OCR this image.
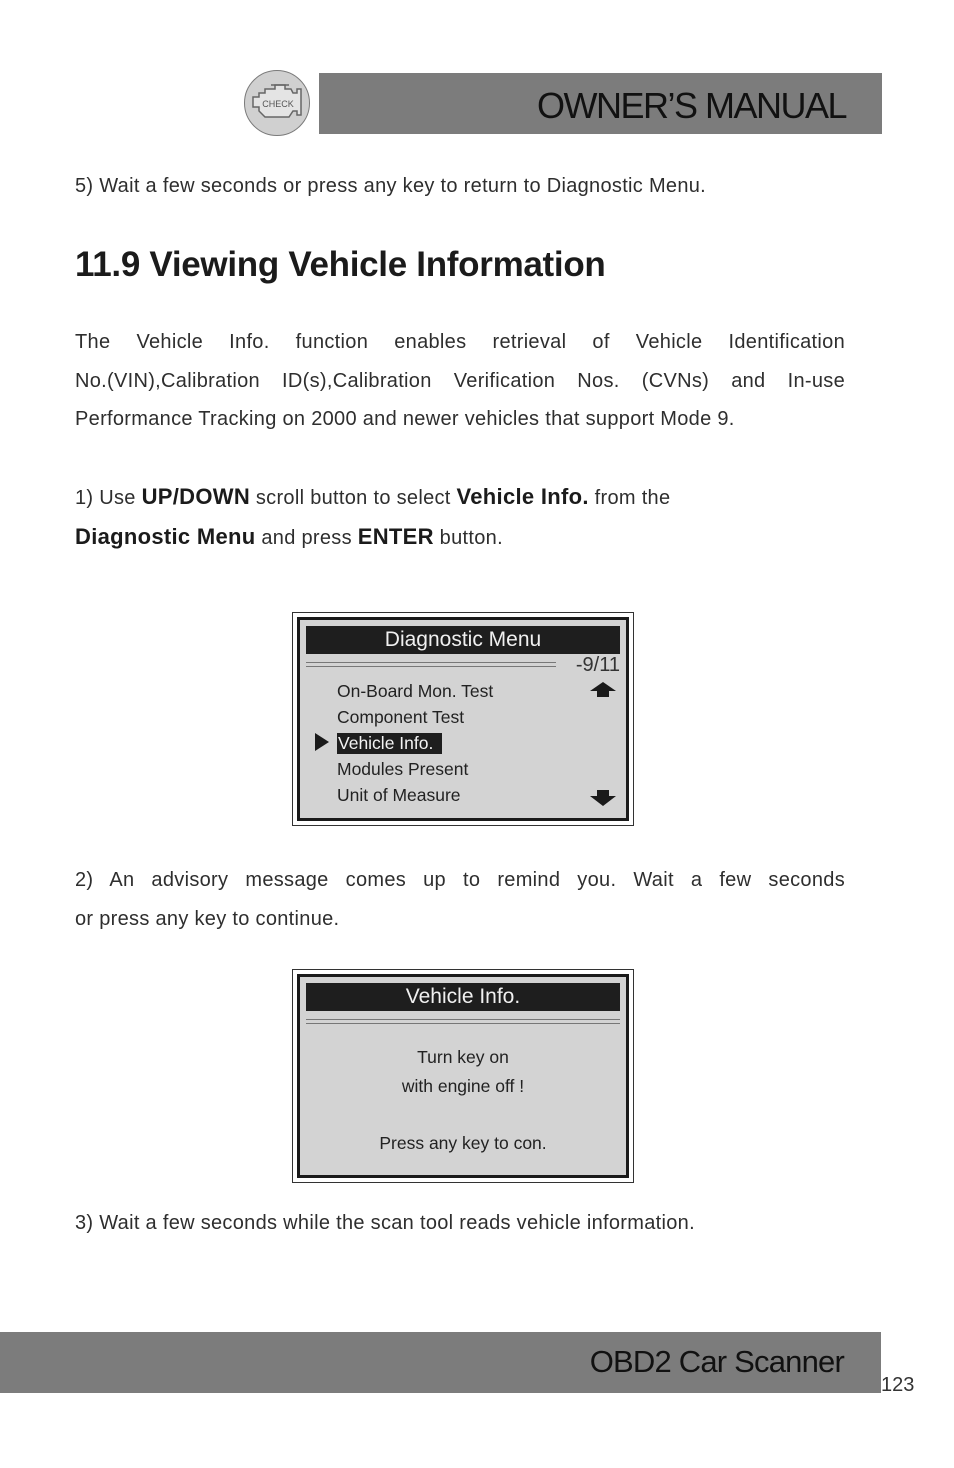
CHECK	OWNER’S MANUAL
5) Wait a few seconds or press any key to return to Diagnostic Menu.
11.9 Viewing Vehicle Information
The Vehicle Info. function enables retrieval of Vehicle Identification
No.(VIN),Calibration ID(s),Calibration Verification Nos. (CVNs) and In-use
Performance Tracking on 2000 and newer vehicles that support Mode 9.
1) Use UP/DOWN scroll button to select Vehicle Info. from the
Diagnostic Menu and press ENTER button.
Diagnostic Menu
-9/11
On-Board Mon. Test
Component Test
Vehicle Info.
Modules Present
Unit of Measure
2) An advisory message comes up to remind you. Wait a few seconds
or press any key to continue.
Vehicle Info.
Turn key on
with engine off !
Press any key to con.
3) Wait a few seconds while the scan tool reads vehicle information.
OBD2 Car Scanner
123
